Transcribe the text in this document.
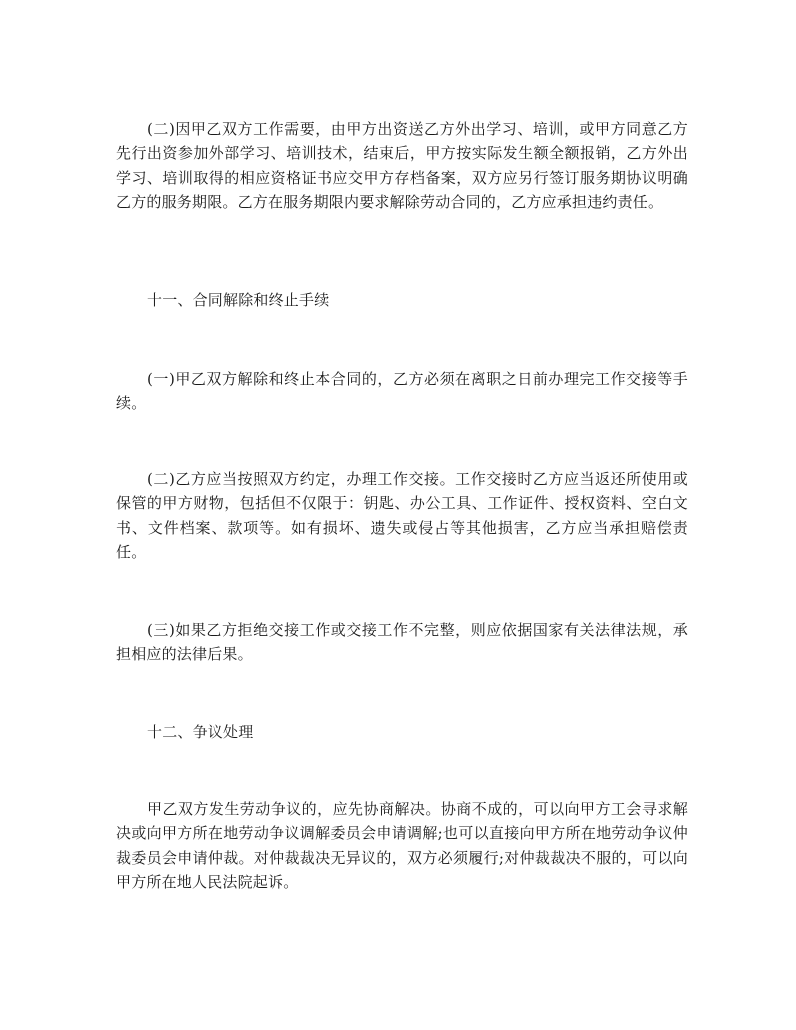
(二)因甲乙双方工作需要，由甲方出资送乙方外出学习、培训，或甲方同意乙方先行出资参加外部学习、培训技术，结束后，甲方按实际发生额全额报销，乙方外出学习、培训取得的相应资格证书应交甲方存档备案，双方应另行签订服务期协议明确乙方的服务期限。乙方在服务期限内要求解除劳动合同的，乙方应承担违约责任。

十一、合同解除和终止手续

(一)甲乙双方解除和终止本合同的，乙方必须在离职之日前办理完工作交接等手续。

(二)乙方应当按照双方约定，办理工作交接。工作交接时乙方应当返还所使用或保管的甲方财物，包括但不仅限于：钥匙、办公工具、工作证件、授权资料、空白文书、文件档案、款项等。如有损坏、遗失或侵占等其他损害，乙方应当承担赔偿责任。

(三)如果乙方拒绝交接工作或交接工作不完整，则应依据国家有关法律法规，承担相应的法律后果。

十二、争议处理

甲乙双方发生劳动争议的，应先协商解决。协商不成的，可以向甲方工会寻求解决或向甲方所在地劳动争议调解委员会申请调解;也可以直接向甲方所在地劳动争议仲裁委员会申请仲裁。对仲裁裁决无异议的，双方必须履行;对仲裁裁决不服的，可以向甲方所在地人民法院起诉。
